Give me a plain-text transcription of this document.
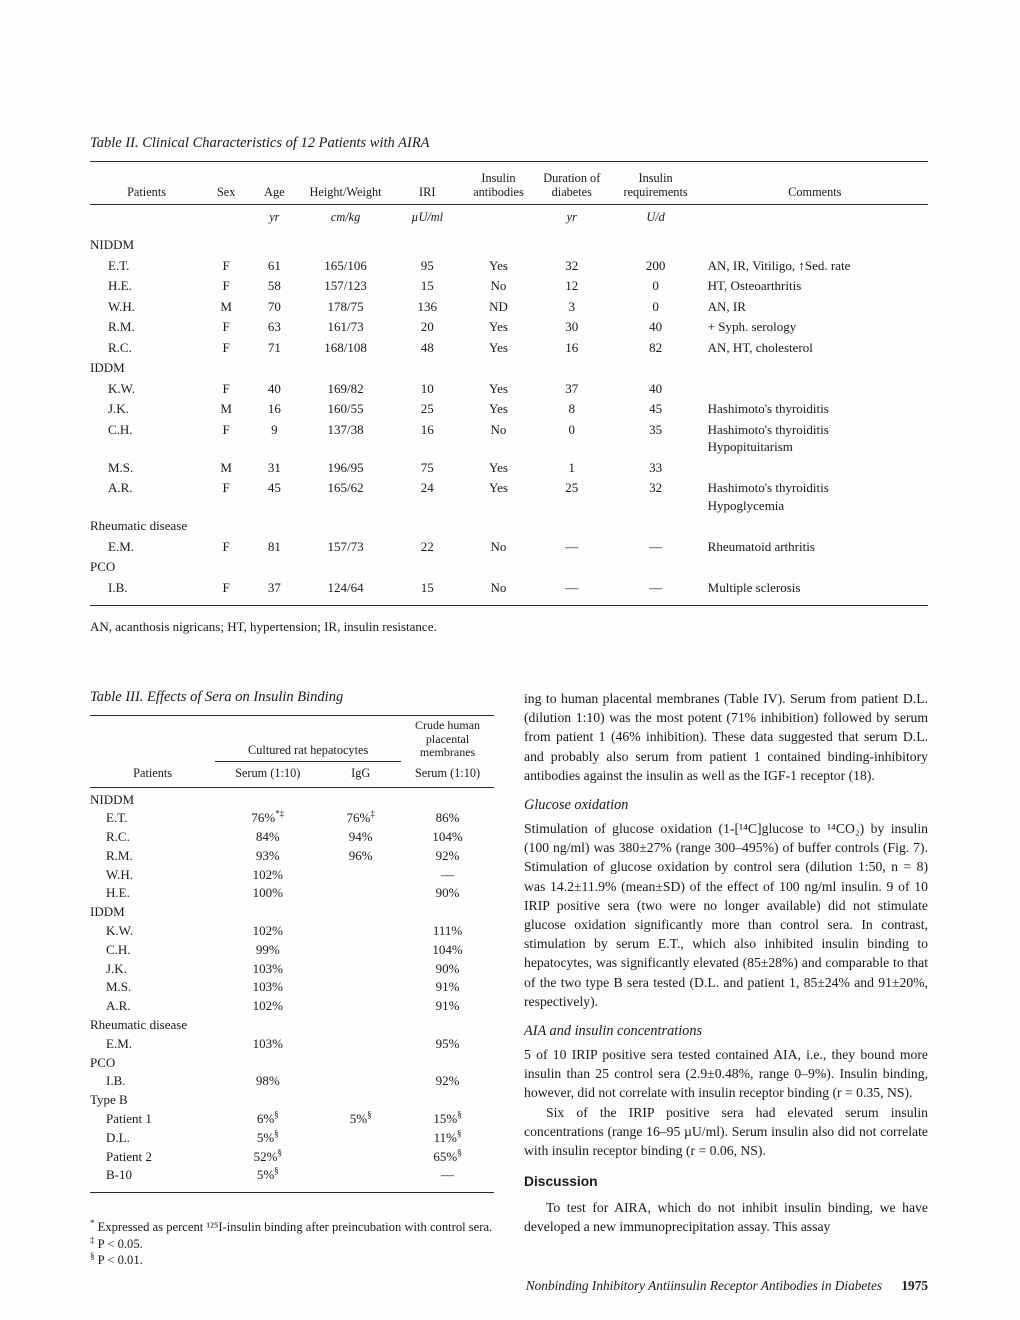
Table II. Clinical Characteristics of 12 Patients with AIRA
Patients	Sex	Age	Height/Weight	IRI	Insulin antibodies	Duration of diabetes	Insulin requirements	Comments
		yr	cm/kg	µU/ml		yr	U/d	
NIDDM								
E.T.	F	61	165/106	95	Yes	32	200	AN, IR, Vitiligo, ↑Sed. rate

H.E.	F	58	157/123	15	No	12	0	HT, Osteoarthritis

W.H.	M	70	178/75	136	ND	3	0	AN, IR

R.M.	F	63	161/73	20	Yes	30	40	+ Syph. serology

R.C.	F	71	168/108	48	Yes	16	82	AN, HT, cholesterol

IDDM								
K.W.	F	40	169/82	10	Yes	37	40	
J.K.	M	16	160/55	25	Yes	8	45	Hashimoto's thyroiditis

C.H.	F	9	137/38	16	No	0	35	Hashimoto's thyroiditis
Hypopituitarism

M.S.	M	31	196/95	75	Yes	1	33	
A.R.	F	45	165/62	24	Yes	25	32	Hashimoto's thyroiditis
Hypoglycemia

Rheumatic disease								
E.M.	F	81	157/73	22	No	—	—	Rheumatoid arthritis

PCO								
I.B.	F	37	124/64	15	No	—	—	Multiple sclerosis
AN, acanthosis nigricans; HT, hypertension; IR, insulin resistance.
Table III. Effects of Sera on Insulin Binding
	Cultured rat hepatocytes		Crude human placental membranes
Patients	Serum (1:10)	IgG	Serum (1:10)
NIDDM			
E.T.	76%*‡	76%‡	86%
R.C.	84%	94%	104%
R.M.	93%	96%	92%
W.H.	102%		—
H.E.	100%		90%
IDDM			
K.W.	102%		111%
C.H.	99%		104%
J.K.	103%		90%
M.S.	103%		91%
A.R.	102%		91%
Rheumatic disease			
E.M.	103%		95%
PCO			
I.B.	98%		92%
Type B			
Patient 1	6%§	5%§	15%§
D.L.	5%§		11%§
Patient 2	52%§		65%§
B-10	5%§		—
* Expressed as percent ¹²⁵I-insulin binding after preincubation with control sera.
‡ P < 0.05.
§ P < 0.01.

ing to human placental membranes (Table IV). Serum from patient D.L. (dilution 1:10) was the most potent (71% inhibition) followed by serum from patient 1 (46% inhibition). These data suggested that serum D.L. and probably also serum from patient 1 contained binding-inhibitory antibodies against the insulin as well as the IGF-1 receptor (18).

Glucose oxidation

Stimulation of glucose oxidation (1-[¹⁴C]glucose to ¹⁴CO₂) by insulin (100 ng/ml) was 380±27% (range 300–495%) of buffer controls (Fig. 7). Stimulation of glucose oxidation by control sera (dilution 1:50, n = 8) was 14.2±11.9% (mean±SD) of the effect of 100 ng/ml insulin. 9 of 10 IRIP positive sera (two were no longer available) did not stimulate glucose oxidation significantly more than control sera. In contrast, stimulation by serum E.T., which also inhibited insulin binding to hepatocytes, was significantly elevated (85±28%) and comparable to that of the two type B sera tested (D.L. and patient 1, 85±24% and 91±20%, respectively).

AIA and insulin concentrations

5 of 10 IRIP positive sera tested contained AIA, i.e., they bound more insulin than 25 control sera (2.9±0.48%, range 0–9%). Insulin binding, however, did not correlate with insulin receptor binding (r = 0.35, NS).

Six of the IRIP positive sera had elevated serum insulin concentrations (range 16–95 µU/ml). Serum insulin also did not correlate with insulin receptor binding (r = 0.06, NS).

Discussion

To test for AIRA, which do not inhibit insulin binding, we have developed a new immunoprecipitation assay. This assay

Nonbinding Inhibitory Antiinsulin Receptor Antibodies in Diabetes 1975
